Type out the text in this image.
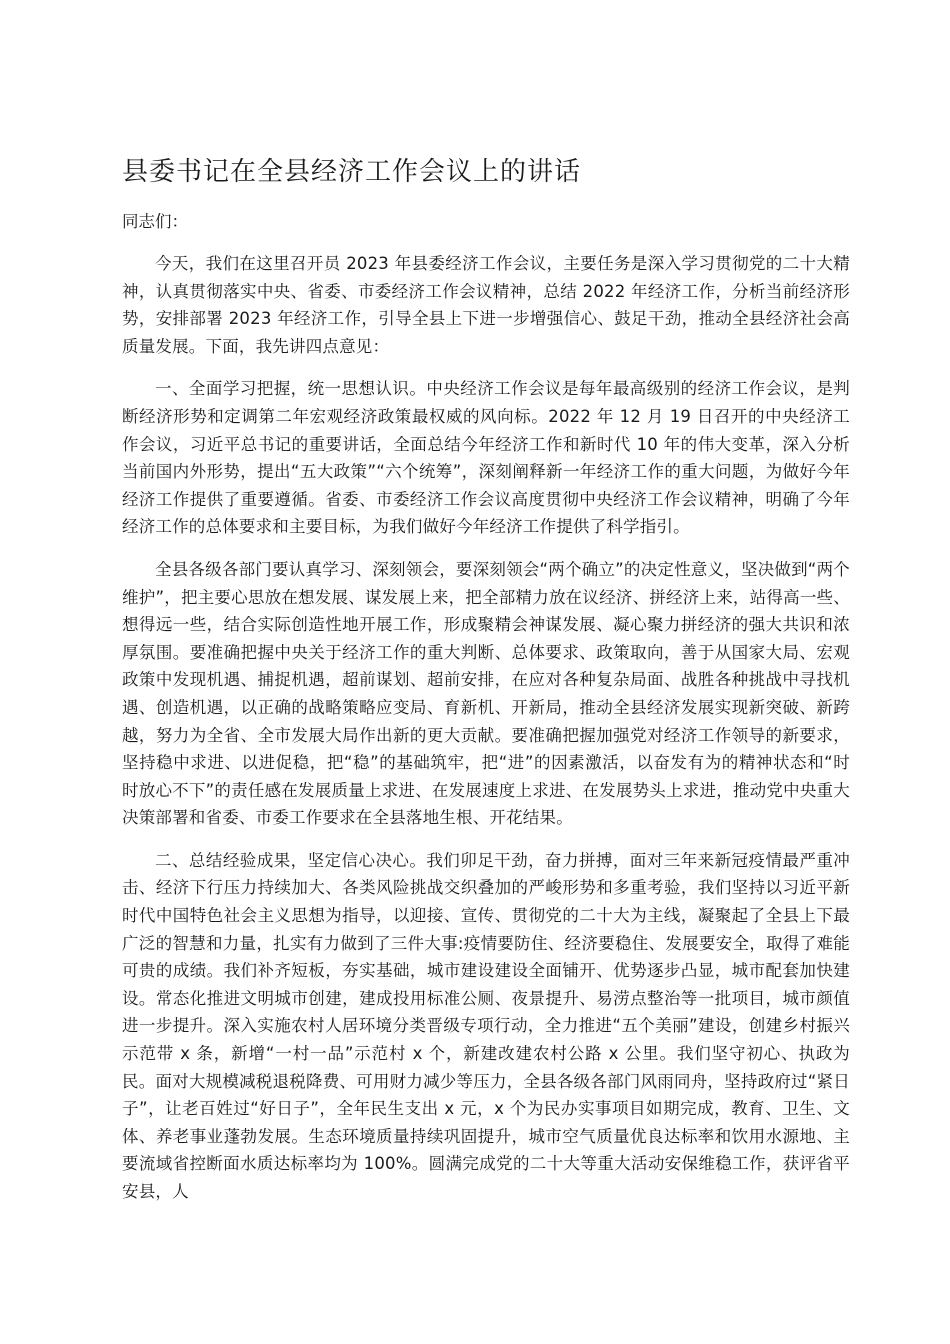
县委书记在全县经济工作会议上的讲话

同志们：

今天，我们在这里召开员 2023 年县委经济工作会议，主要任务是深入学习贯彻党的二十大精神，认真贯彻落实中央、省委、市委经济工作会议精神，总结 2022 年经济工作，分析当前经济形势，安排部署 2023 年经济工作，引导全县上下进一步增强信心、鼓足干劲，推动全县经济社会高质量发展。下面，我先讲四点意见：

一、全面学习把握，统一思想认识。中央经济工作会议是每年最高级别的经济工作会议，是判断经济形势和定调第二年宏观经济政策最权威的风向标。2022 年 12 月 19 日召开的中央经济工作会议，习近平总书记的重要讲话，全面总结今年经济工作和新时代 10 年的伟大变革，深入分析当前国内外形势，提出“五大政策”“六个统筹”，深刻阐释新一年经济工作的重大问题，为做好今年经济工作提供了重要遵循。省委、市委经济工作会议高度贯彻中央经济工作会议精神，明确了今年经济工作的总体要求和主要目标，为我们做好今年经济工作提供了科学指引。

全县各级各部门要认真学习、深刻领会，要深刻领会“两个确立”的决定性意义，坚决做到“两个维护”，把主要心思放在想发展、谋发展上来，把全部精力放在议经济、拼经济上来，站得高一些、想得远一些，结合实际创造性地开展工作，形成聚精会神谋发展、凝心聚力拼经济的强大共识和浓厚氛围。要准确把握中央关于经济工作的重大判断、总体要求、政策取向，善于从国家大局、宏观政策中发现机遇、捕捉机遇，超前谋划、超前安排，在应对各种复杂局面、战胜各种挑战中寻找机遇、创造机遇，以正确的战略策略应变局、育新机、开新局，推动全县经济发展实现新突破、新跨越，努力为全省、全市发展大局作出新的更大贡献。要准确把握加强党对经济工作领导的新要求，坚持稳中求进、以进促稳，把“稳”的基础筑牢，把“进”的因素激活，以奋发有为的精神状态和“时时放心不下”的责任感在发展质量上求进、在发展速度上求进、在发展势头上求进，推动党中央重大决策部署和省委、市委工作要求在全县落地生根、开花结果。

二、总结经验成果，坚定信心决心。我们卯足干劲，奋力拼搏，面对三年来新冠疫情最严重冲击、经济下行压力持续加大、各类风险挑战交织叠加的严峻形势和多重考验，我们坚持以习近平新时代中国特色社会主义思想为指导，以迎接、宣传、贯彻党的二十大为主线，凝聚起了全县上下最广泛的智慧和力量，扎实有力做到了三件大事:疫情要防住、经济要稳住、发展要安全，取得了难能可贵的成绩。我们补齐短板，夯实基础，城市建设建设全面铺开、优势逐步凸显，城市配套加快建设。常态化推进文明城市创建，建成投用标准公厕、夜景提升、易涝点整治等一批项目，城市颜值进一步提升。深入实施农村人居环境分类晋级专项行动，全力推进“五个美丽”建设，创建乡村振兴示范带 x 条，新增“一村一品”示范村 x 个，新建改建农村公路 x 公里。我们坚守初心、执政为民。面对大规模减税退税降费、可用财力减少等压力，全县各级各部门风雨同舟，坚持政府过“紧日子”，让老百姓过“好日子”，全年民生支出 x 元，x 个为民办实事项目如期完成，教育、卫生、文体、养老事业蓬勃发展。生态环境质量持续巩固提升，城市空气质量优良达标率和饮用水源地、主要流域省控断面水质达标率均为 100%。圆满完成党的二十大等重大活动安保维稳工作，获评省平安县，人
